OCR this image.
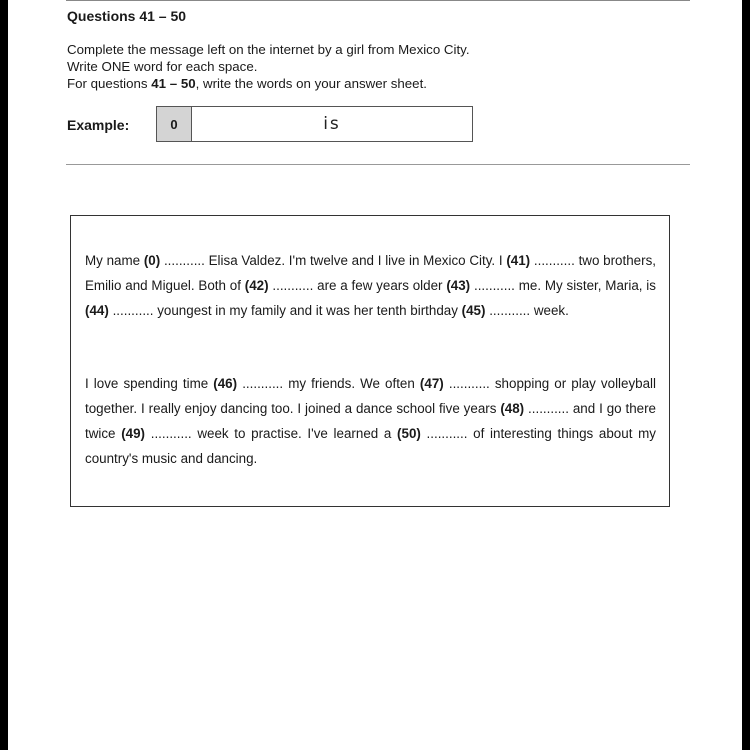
Questions 41 – 50
Complete the message left on the internet by a girl from Mexico City.
Write ONE word for each space.
For questions 41 – 50, write the words on your answer sheet.
Example:	0	is
My name (0) ........... Elisa Valdez. I'm twelve and I live in Mexico City. I (41) ........... two brothers, Emilio and Miguel. Both of (42) ........... are a few years older (43) ........... me. My sister, Maria, is (44) ........... youngest in my family and it was her tenth birthday (45) ........... week.
I love spending time (46) ........... my friends. We often (47) ........... shopping or play volleyball together. I really enjoy dancing too. I joined a dance school five years (48) ........... and I go there twice (49) ........... week to practise. I've learned a (50) ........... of interesting things about my country's music and dancing.
